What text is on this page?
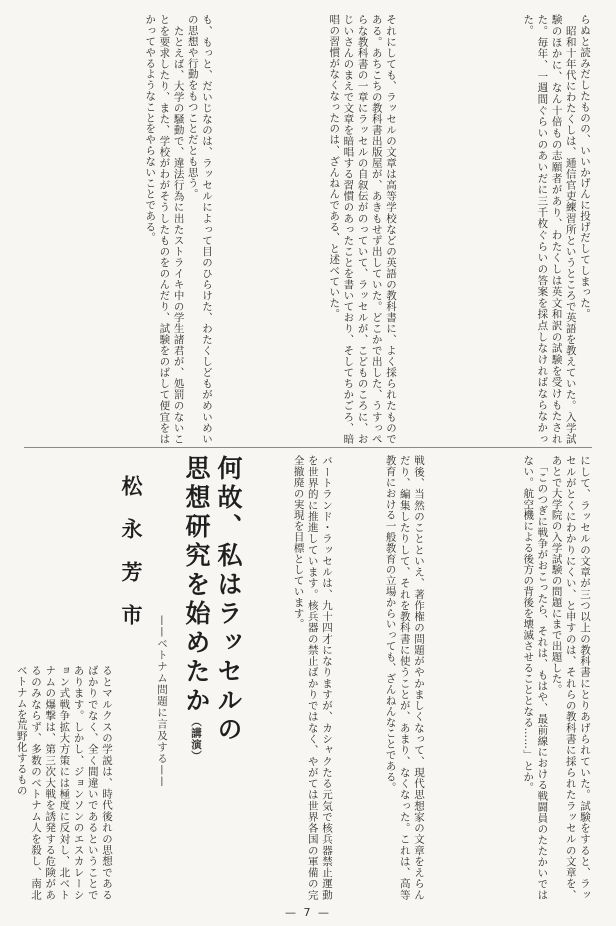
らぬと読みだしたものの、いいかげんに投げだしてしまった。
　昭和十年代にわたくしは、逓信官吏練習所というところで英語を教えていた。入学試験のほかに、なん十倍もの志願者があり、わたくしは英文和訳の試験を受けもたされた。毎年、一週間ぐらいのあいだに三千枚ぐらいの答案を採点しなければならなかった。
それにしても、ラッセルの文章は高等学校などの英語の教科書に、よく採られたものである。あちこちの教科書出版屋が、あきもせず出していた。どこかで出した、うすっぺらな教科書の一章にラッセルの自叙伝がのっていて、ラッセルが、こどものころに、おじいさんのまえで文章を暗唱する習慣のあったことを書いており、そしてちかごろ、暗唱の習慣がなくなったのは、ざんねんである、と述べていた。
も、もっと、だいじなのは、ラッセルによって目のひらけた、わたくしどもがめいめいの思想や行動をもつことだとも思う。
　たとえば、大学の騒動で、違法行為に出たストライキ中の学生諸君が、処罰のないことを要求したり、また、学校がわがそうしたものをのんだり、試験をのばして便宜をはかってやるようなことをやらないことである。
にして、ラッセルの文章が三つ以上の教科書にとりあげられていた。試験をすると、ラッセルがとくにわかりにくい、と申すのは、それらの教科書に採られたラッセルの文章を、あとで大学院の入学試験の問題にまで出題した。
　「このつぎに戦争がおこったら、それは、もはや、最前線における戦闘員のたたかいではない。航空機による後方の背後を壊滅させることとなる……」とか。
戦後、当然のことといえ、著作権の問題がやかましくなって、現代思想家の文章をえらんだり、編集したりして、それを教科書に使うことが、あまり、なくなった。これは、高等教育における一般教育の立場からいっても、ざんねんなことである。
バートランド・ラッセルは、九十四才になりますが、カシャクたる元気で核兵器禁止運動を世界的に推進しています。核兵器の禁止ばかりではなく、やがては世界各国の軍備の完全撤廃の実現を目標としています。
何故、私はラッセルの
思想研究を始めたか（講演）
——ベトナム問題に言及する——
松永芳市
るとマルクスの学説は、時代後れの思想であるばかりでなく、全く間違いであるということであります。しかし、ジョンソンのエスカレーション式戦争拡大方策には極度に反対し、北ベトナムの爆撃は、第三次大戦を誘発する危険があるのみならず、多数のベトナム人を殺し、南北ベトナムを荒野化するもの
— 7 —
